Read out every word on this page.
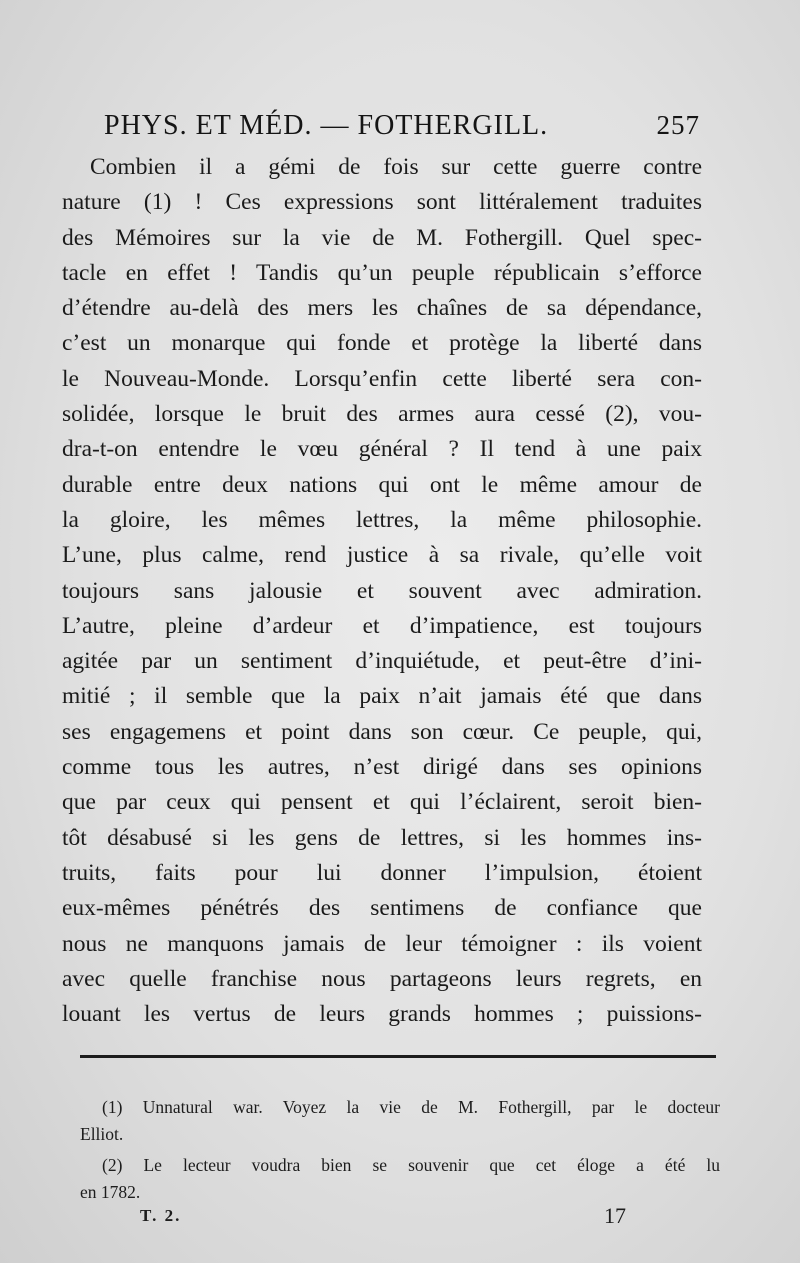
PHYS. ET MÉD. — FOTHERGILL.	257
Combien il a gémi de fois sur cette guerre contre
nature (1) ! Ces expressions sont littéralement traduites
des Mémoires sur la vie de M. Fothergill. Quel spec-
tacle en effet ! Tandis qu’un peuple républicain s’efforce
d’étendre au-delà des mers les chaînes de sa dépendance,
c’est un monarque qui fonde et protège la liberté dans
le Nouveau-Monde. Lorsqu’enfin cette liberté sera con-
solidée, lorsque le bruit des armes aura cessé (2), vou-
dra-t-on entendre le vœu général ? Il tend à une paix
durable entre deux nations qui ont le même amour de
la gloire, les mêmes lettres, la même philosophie.
L’une, plus calme, rend justice à sa rivale, qu’elle voit
toujours sans jalousie et souvent avec admiration.
L’autre, pleine d’ardeur et d’impatience, est toujours
agitée par un sentiment d’inquiétude, et peut-être d’ini-
mitié ; il semble que la paix n’ait jamais été que dans
ses engagemens et point dans son cœur. Ce peuple, qui,
comme tous les autres, n’est dirigé dans ses opinions
que par ceux qui pensent et qui l’éclairent, seroit bien-
tôt désabusé si les gens de lettres, si les hommes ins-
truits, faits pour lui donner l’impulsion, étoient
eux-mêmes pénétrés des sentimens de confiance que
nous ne manquons jamais de leur témoigner : ils voient
avec quelle franchise nous partageons leurs regrets, en
louant les vertus de leurs grands hommes ; puissions-
(1) Unnatural war. Voyez la vie de M. Fothergill, par le docteur
Elliot.
(2) Le lecteur voudra bien se souvenir que cet éloge a été lu
en 1782.
T. 2.	17
